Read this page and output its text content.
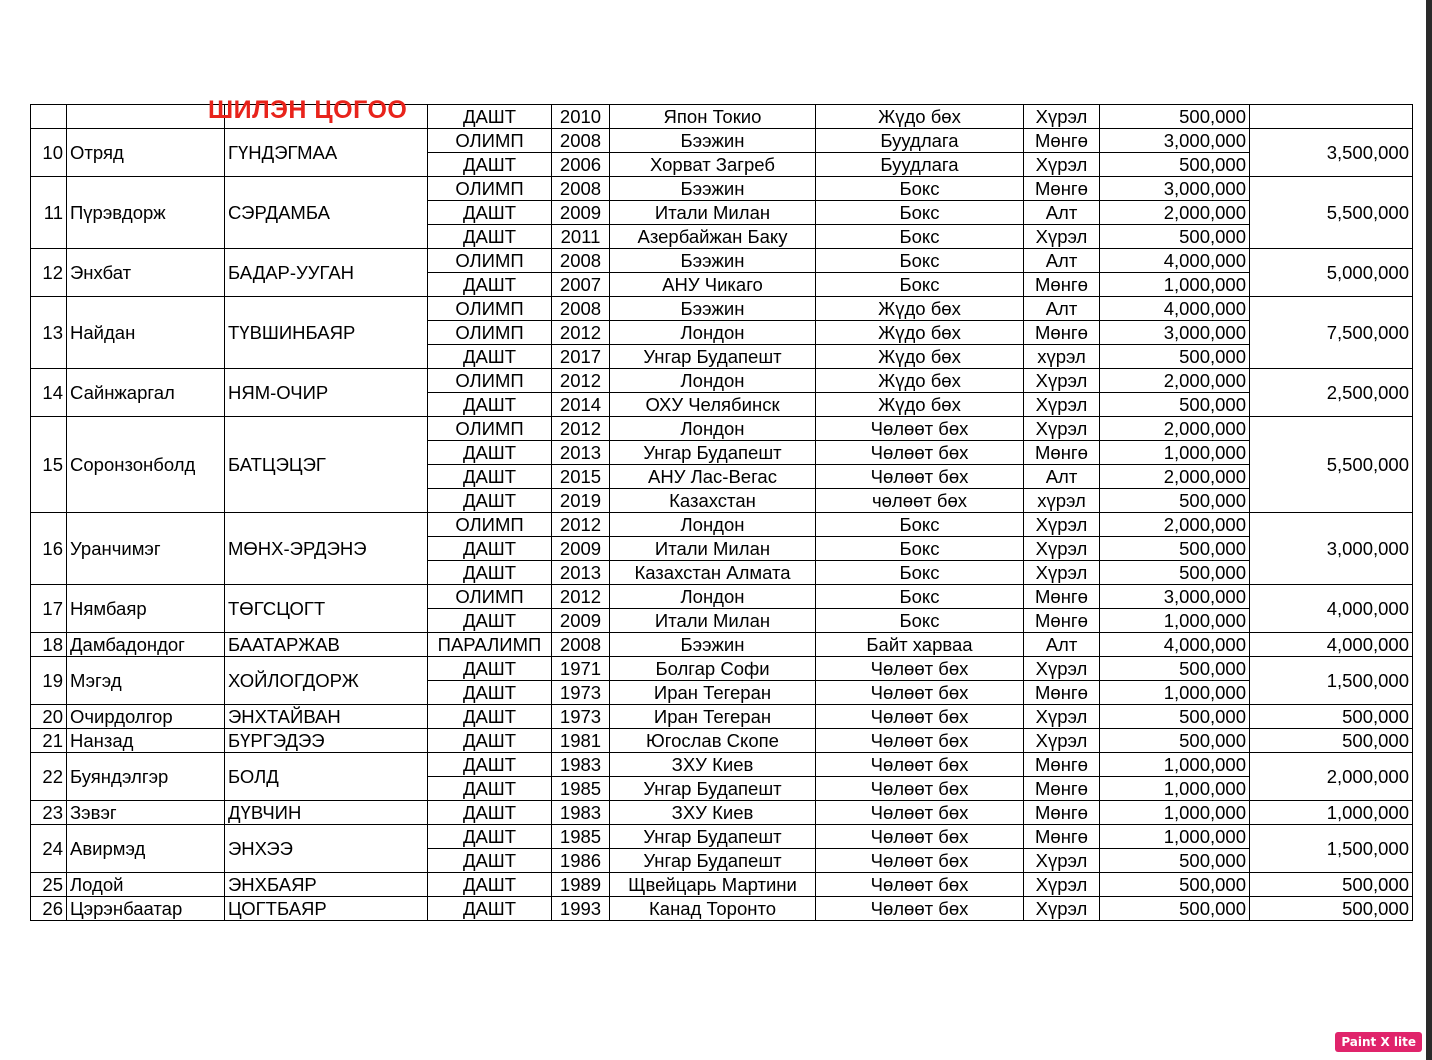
			ДАШТ	2010	Япон Токио	Жүдо бөх	Хүрэл	500,000	
10	Отряд	ГҮНДЭГМАА	ОЛИМП	2008	Бээжин	Буудлага	Мөнгө	3,000,000	3,500,000
			ДАШТ	2006	Хорват Загреб	Буудлага	Хүрэл	500,000	
11	Пүрэвдорж	СЭРДАМБА	ОЛИМП	2008	Бээжин	Бокс	Мөнгө	3,000,000	5,500,000
			ДАШТ	2009	Итали Милан	Бокс	Алт	2,000,000	
			ДАШТ	2011	Азербайжан Баку	Бокс	Хүрэл	500,000	
12	Энхбат	БАДАР-УУГАН	ОЛИМП	2008	Бээжин	Бокс	Алт	4,000,000	5,000,000
			ДАШТ	2007	АНУ Чикаго	Бокс	Мөнгө	1,000,000	
13	Найдан	ТҮВШИНБАЯР	ОЛИМП	2008	Бээжин	Жүдо бөх	Алт	4,000,000	7,500,000
			ОЛИМП	2012	Лондон	Жүдо бөх	Мөнгө	3,000,000	
			ДАШТ	2017	Унгар Будапешт	Жүдо бөх	хүрэл	500,000	
14	Сайнжаргал	НЯМ-ОЧИР	ОЛИМП	2012	Лондон	Жүдо бөх	Хүрэл	2,000,000	2,500,000
			ДАШТ	2014	ОХУ Челябинск	Жүдо бөх	Хүрэл	500,000	
15	Соронзонболд	БАТЦЭЦЭГ	ОЛИМП	2012	Лондон	Чөлөөт бөх	Хүрэл	2,000,000	5,500,000
			ДАШТ	2013	Унгар Будапешт	Чөлөөт бөх	Мөнгө	1,000,000	
			ДАШТ	2015	АНУ Лас-Вегас	Чөлөөт бөх	Алт	2,000,000	
			ДАШТ	2019	Казахстан	чөлөөт бөх	хүрэл	500,000	
16	Уранчимэг	МӨНХ-ЭРДЭНЭ	ОЛИМП	2012	Лондон	Бокс	Хүрэл	2,000,000	3,000,000
			ДАШТ	2009	Итали Милан	Бокс	Хүрэл	500,000	
			ДАШТ	2013	Казахстан Алмата	Бокс	Хүрэл	500,000	
17	Нямбаяр	ТӨГСЦОГТ	ОЛИМП	2012	Лондон	Бокс	Мөнгө	3,000,000	4,000,000
			ДАШТ	2009	Итали Милан	Бокс	Мөнгө	1,000,000	
18	Дамбадондог	БААТАРЖАВ	ПАРАЛИМП	2008	Бээжин	Байт харваа	Алт	4,000,000	4,000,000
19	Мэгэд	ХОЙЛОГДОРЖ	ДАШТ	1971	Болгар Софи	Чөлөөт бөх	Хүрэл	500,000	1,500,000
			ДАШТ	1973	Иран Тегеран	Чөлөөт бөх	Мөнгө	1,000,000	
20	Очирдолгор	ЭНХТАЙВАН	ДАШТ	1973	Иран Тегеран	Чөлөөт бөх	Хүрэл	500,000	500,000
21	Нанзад	БҮРГЭДЭЭ	ДАШТ	1981	Югослав Скопе	Чөлөөт бөх	Хүрэл	500,000	500,000
22	Буяндэлгэр	БОЛД	ДАШТ	1983	ЗХУ Киев	Чөлөөт бөх	Мөнгө	1,000,000	2,000,000
			ДАШТ	1985	Унгар Будапешт	Чөлөөт бөх	Мөнгө	1,000,000	
23	Зэвэг	ДҮВЧИН	ДАШТ	1983	ЗХУ Киев	Чөлөөт бөх	Мөнгө	1,000,000	1,000,000
24	Авирмэд	ЭНХЭЭ	ДАШТ	1985	Унгар Будапешт	Чөлөөт бөх	Мөнгө	1,000,000	1,500,000
			ДАШТ	1986	Унгар Будапешт	Чөлөөт бөх	Хүрэл	500,000	
25	Лодой	ЭНХБАЯР	ДАШТ	1989	Щвейцарь Мартини	Чөлөөт бөх	Хүрэл	500,000	500,000
26	Цэрэнбаатар	ЦОГТБАЯР	ДАШТ	1993	Канад Торонто	Чөлөөт бөх	Хүрэл	500,000	500,000
ШИЛЭН ЦОГОО
Paint X lite
